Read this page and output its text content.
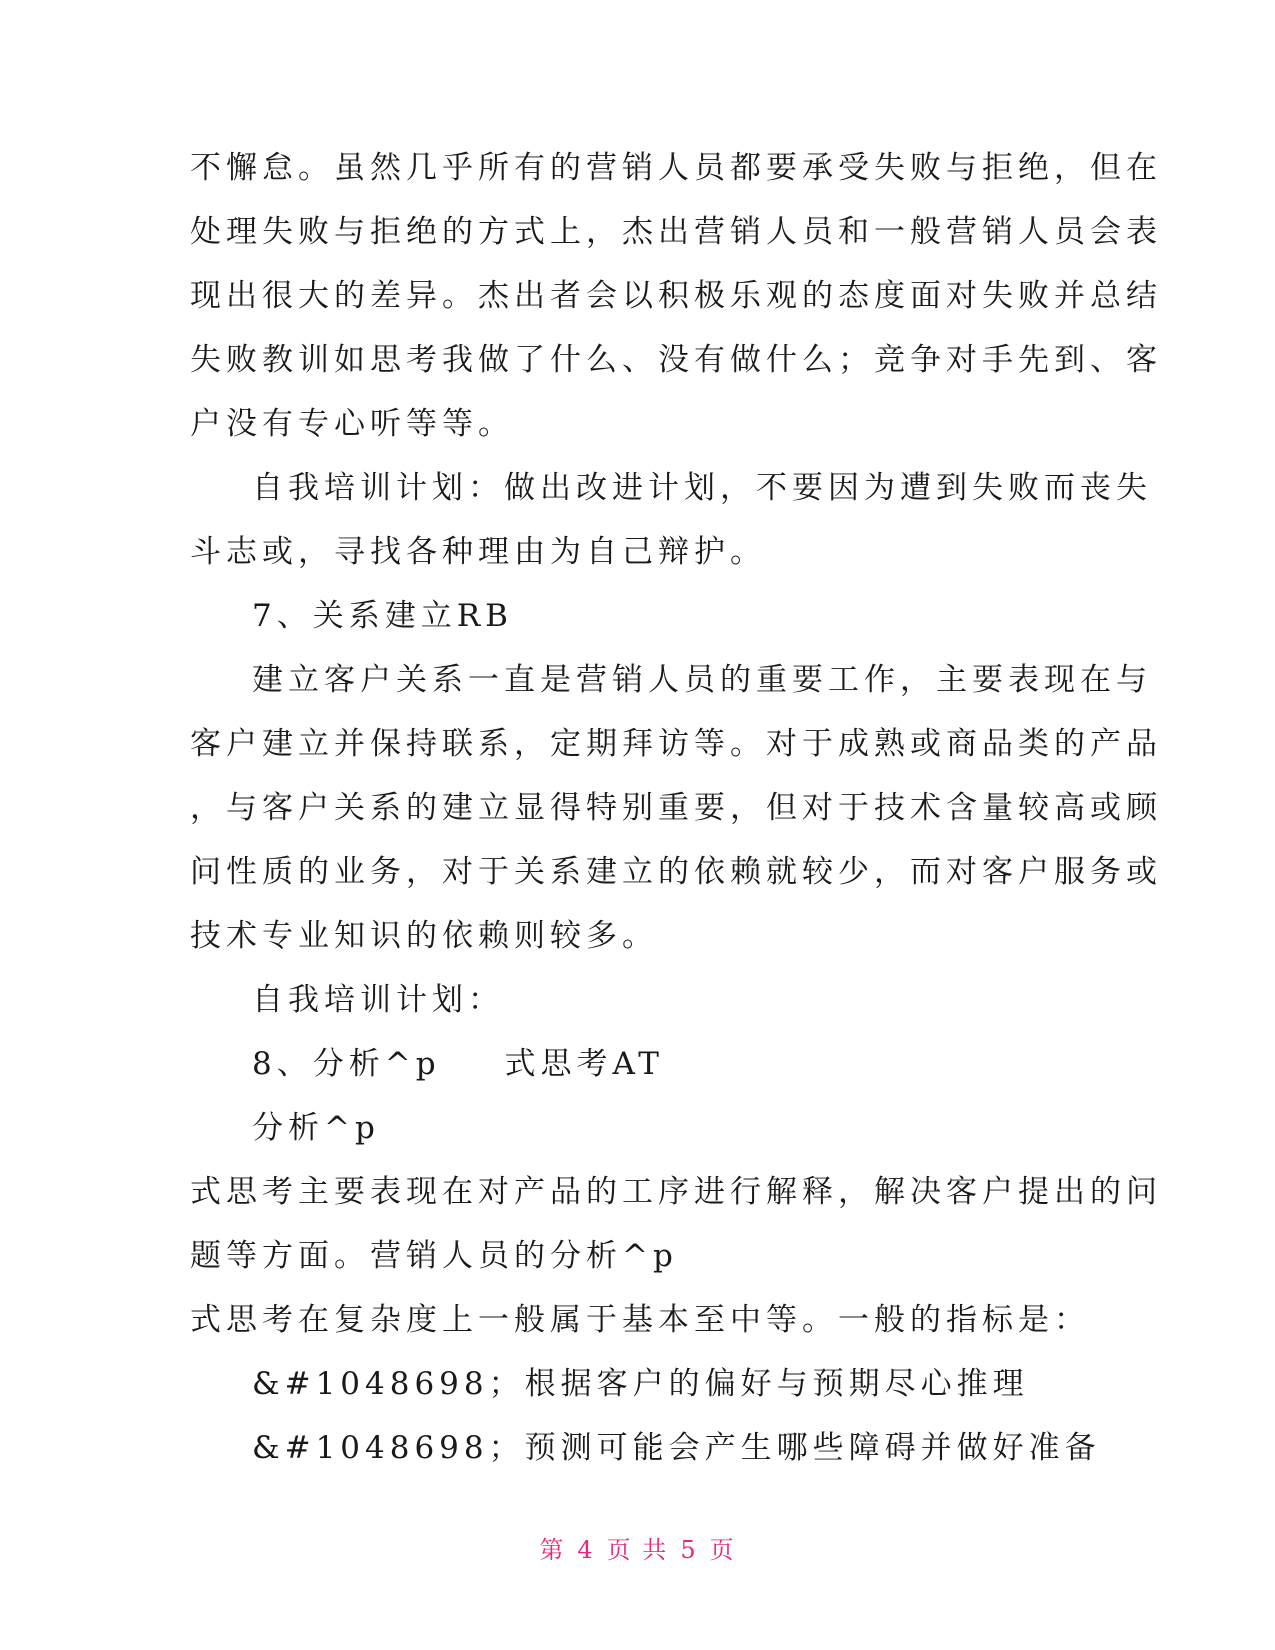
不懈怠。虽然几乎所有的营销人员都要承受失败与拒绝，但在
处理失败与拒绝的方式上，杰出营销人员和一般营销人员会表
现出很大的差异。杰出者会以积极乐观的态度面对失败并总结
失败教训如思考我做了什么、没有做什么；竞争对手先到、客
户没有专心听等等。
自我培训计划：做出改进计划，不要因为遭到失败而丧失
斗志或，寻找各种理由为自己辩护。
7、关系建立RB
建立客户关系一直是营销人员的重要工作，主要表现在与
客户建立并保持联系，定期拜访等。对于成熟或商品类的产品
，与客户关系的建立显得特别重要，但对于技术含量较高或顾
问性质的业务，对于关系建立的依赖就较少，而对客户服务或
技术专业知识的依赖则较多。
自我培训计划：
8、分析^p 式思考AT
分析^p
式思考主要表现在对产品的工序进行解释，解决客户提出的问
题等方面。营销人员的分析^p
式思考在复杂度上一般属于基本至中等。一般的指标是：
&#1048698；根据客户的偏好与预期尽心推理
&#1048698；预测可能会产生哪些障碍并做好准备
第 4 页 共 5 页
